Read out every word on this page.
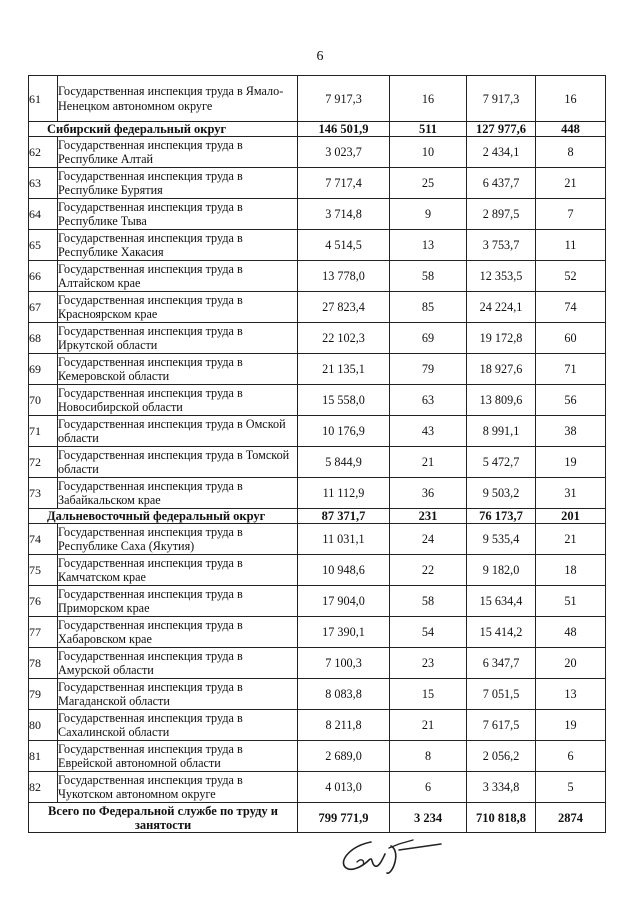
6
61	Государственная инспекция труда в Ямало-Ненецком автономном округе	7 917,3	16	7 917,3	16
Сибирский федеральный округ		146 501,9	511	127 977,6	448
62	Государственная инспекция труда в Республике Алтай	3 023,7	10	2 434,1	8
63	Государственная инспекция труда в Республике Бурятия	7 717,4	25	6 437,7	21
64	Государственная инспекция труда в Республике Тыва	3 714,8	9	2 897,5	7
65	Государственная инспекция труда в Республике Хакасия	4 514,5	13	3 753,7	11
66	Государственная инспекция труда в Алтайском крае	13 778,0	58	12 353,5	52
67	Государственная инспекция труда в Красноярском крае	27 823,4	85	24 224,1	74
68	Государственная инспекция труда в Иркутской области	22 102,3	69	19 172,8	60
69	Государственная инспекция труда в Кемеровской области	21 135,1	79	18 927,6	71
70	Государственная инспекция труда в Новосибирской области	15 558,0	63	13 809,6	56
71	Государственная инспекция труда в Омской области	10 176,9	43	8 991,1	38
72	Государственная инспекция труда в Томской области	5 844,9	21	5 472,7	19
73	Государственная инспекция труда в Забайкальском крае	11 112,9	36	9 503,2	31
Дальневосточный федеральный округ		87 371,7	231	76 173,7	201
74	Государственная инспекция труда в Республике Саха (Якутия)	11 031,1	24	9 535,4	21
75	Государственная инспекция труда в Камчатском крае	10 948,6	22	9 182,0	18
76	Государственная инспекция труда в Приморском крае	17 904,0	58	15 634,4	51
77	Государственная инспекция труда в Хабаровском крае	17 390,1	54	15 414,2	48
78	Государственная инспекция труда в Амурской области	7 100,3	23	6 347,7	20
79	Государственная инспекция труда в Магаданской области	8 083,8	15	7 051,5	13
80	Государственная инспекция труда в Сахалинской области	8 211,8	21	7 617,5	19
81	Государственная инспекция труда в Еврейской автономной области	2 689,0	8	2 056,2	6
82	Государственная инспекция труда в Чукотском автономном округе	4 013,0	6	3 334,8	5
Всего по Федеральной службе по труду и занятости		799 771,9	3 234	710 818,8	2874
